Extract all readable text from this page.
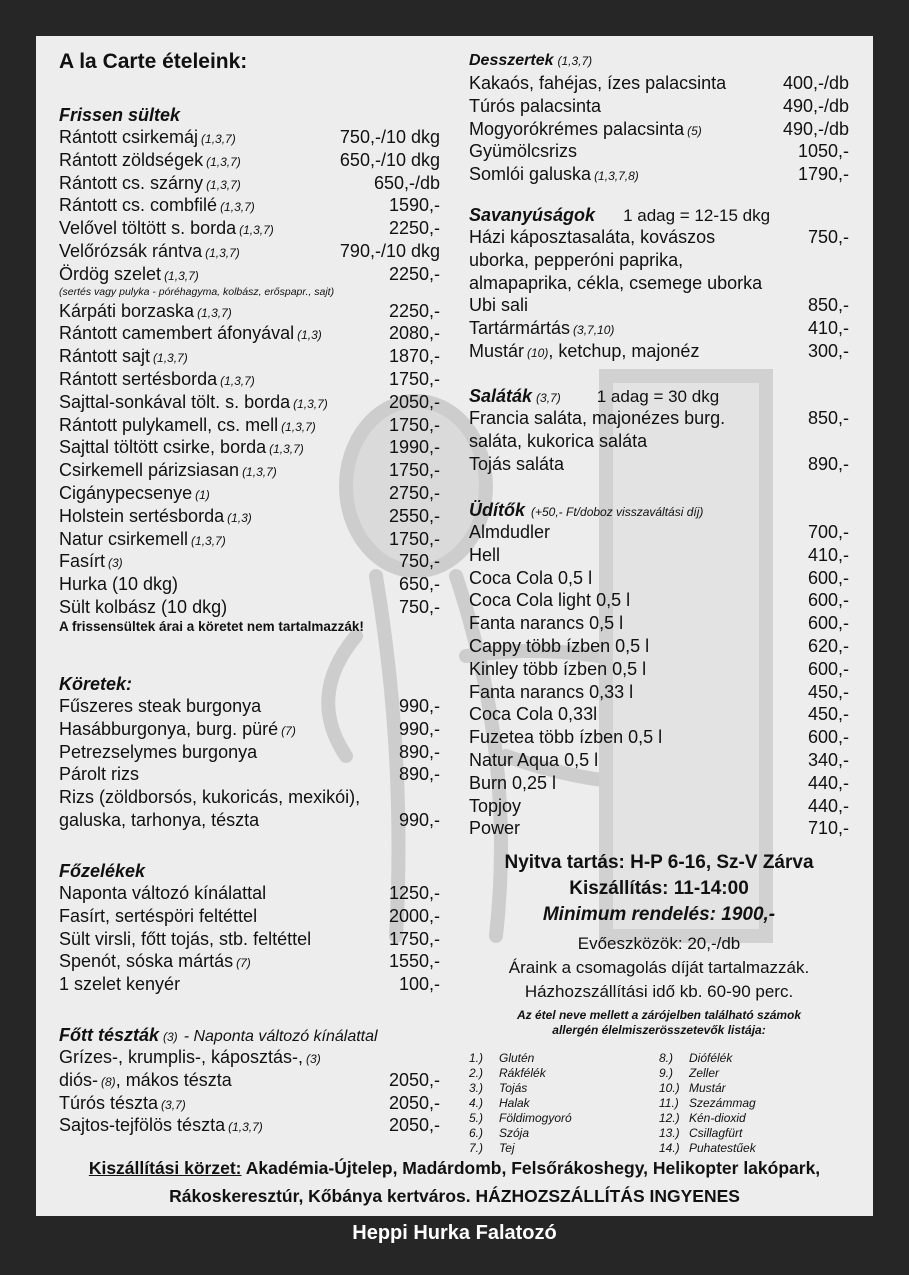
A la Carte ételeink:
Frissen sültek
Rántott csirkemáj (1,3,7)	750,-/10 dkg
Rántott zöldségek (1,3,7)	650,-/10 dkg
Rántott cs. szárny (1,3,7)	650,-/db
Rántott cs. combfilé (1,3,7)	1590,-
Velővel töltött s. borda (1,3,7)	2250,-
Velőrózsák rántva (1,3,7)	790,-/10 dkg
Ördög szelet (1,3,7)	2250,-
(sertés vagy pulyka - póréhagyma, kolbász, erőspapr., sajt)
Kárpáti borzaska (1,3,7)	2250,-
Rántott camembert áfonyával (1,3)	2080,-
Rántott sajt (1,3,7)	1870,-
Rántott sertésborda (1,3,7)	1750,-
Sajttal-sonkával tölt. s. borda (1,3,7)	2050,-
Rántott pulykamell, cs. mell (1,3,7)	1750,-
Sajttal töltött csirke, borda (1,3,7)	1990,-
Csirkemell párizsiasan (1,3,7)	1750,-
Cigánypecsenye (1)	2750,-
Holstein sertésborda (1,3)	2550,-
Natur csirkemell (1,3,7)	1750,-
Fasírt (3)	750,-
Hurka (10 dkg)	650,-
Sült kolbász (10 dkg)	750,-
A frissensültek árai a köretet nem tartalmazzák!
Köretek:
Fűszeres steak burgonya	990,-
Hasábburgonya, burg. püré (7)	990,-
Petrezselymes burgonya	890,-
Párolt rizs	890,-
Rizs (zöldborsós, kukoricás, mexikói),
galuska, tarhonya, tészta	990,-
Főzelékek
Naponta változó kínálattal	1250,-
Fasírt, sertéspöri feltéttel	2000,-
Sült virsli, főtt tojás, stb. feltéttel	1750,-
Spenót, sóska mártás (7)	1550,-
1 szelet kenyér	100,-
Főtt tészták (3) - Naponta változó kínálattal
Grízes-, krumplis-, káposztás-, (3)
diós- (8), mákos tészta	2050,-
Túrós tészta (3,7)	2050,-
Sajtos-tejfölös tészta (1,3,7)	2050,-
Desszertek (1,3,7)
Kakaós, fahéjas, ízes palacsinta	400,-/db
Túrós palacsinta	490,-/db
Mogyorókrémes palacsinta (5)	490,-/db
Gyümölcsrizs	1050,-
Somlói galuska (1,3,7,8)	1790,-
Savanyúságok 1 adag = 12-15 dkg
Házi káposztasaláta, kovászos	750,-
uborka, pepperóni paprika,
almapaprika, cékla, csemege uborka
Ubi sali	850,-
Tartármártás (3,7,10)	410,-
Mustár (10), ketchup, majonéz	300,-
Saláták (3,7) 1 adag = 30 dkg
Francia saláta, majonézes burg.	850,-
saláta, kukorica saláta
Tojás saláta	890,-
Üdítők (+50,- Ft/doboz visszaváltási díj)
Almdudler	700,-
Hell	410,-
Coca Cola 0,5 l	600,-
Coca Cola light 0,5 l	600,-
Fanta narancs 0,5 l	600,-
Cappy több ízben 0,5 l	620,-
Kinley több ízben 0,5 l	600,-
Fanta narancs 0,33 l	450,-
Coca Cola 0,33l	450,-
Fuzetea több ízben 0,5 l	600,-
Natur Aqua 0,5 l	340,-
Burn 0,25 l	440,-
Topjoy	440,-
Power	710,-
Nyitva tartás: H-P 6-16, Sz-V Zárva
Kiszállítás: 11-14:00
Minimum rendelés: 1900,-
Evőeszközök: 20,-/db
Áraink a csomagolás díját tartalmazzák.
Házhozszállítási idő kb. 60-90 perc.
Az étel neve mellett a zárójelben található számok
allergén élelmiszerösszetevők listája:
1.) Glutén
2.) Rákfélék
3.) Tojás
4.) Halak
5.) Földimogyoró
6.) Szója
7.) Tej
8.) Diófélék
9.) Zeller
10.) Mustár
11.) Szezámmag
12.) Kén-dioxid
13.) Csillagfürt
14.) Puhatestűek
Kiszállítási körzet: Akadémia-Újtelep, Madárdomb, Felsőrákoshegy, Helikopter lakópark,
Rákoskeresztúr, Kőbánya kertváros. HÁZHOZSZÁLLÍTÁS INGYENES
Heppi Hurka Falatozó
